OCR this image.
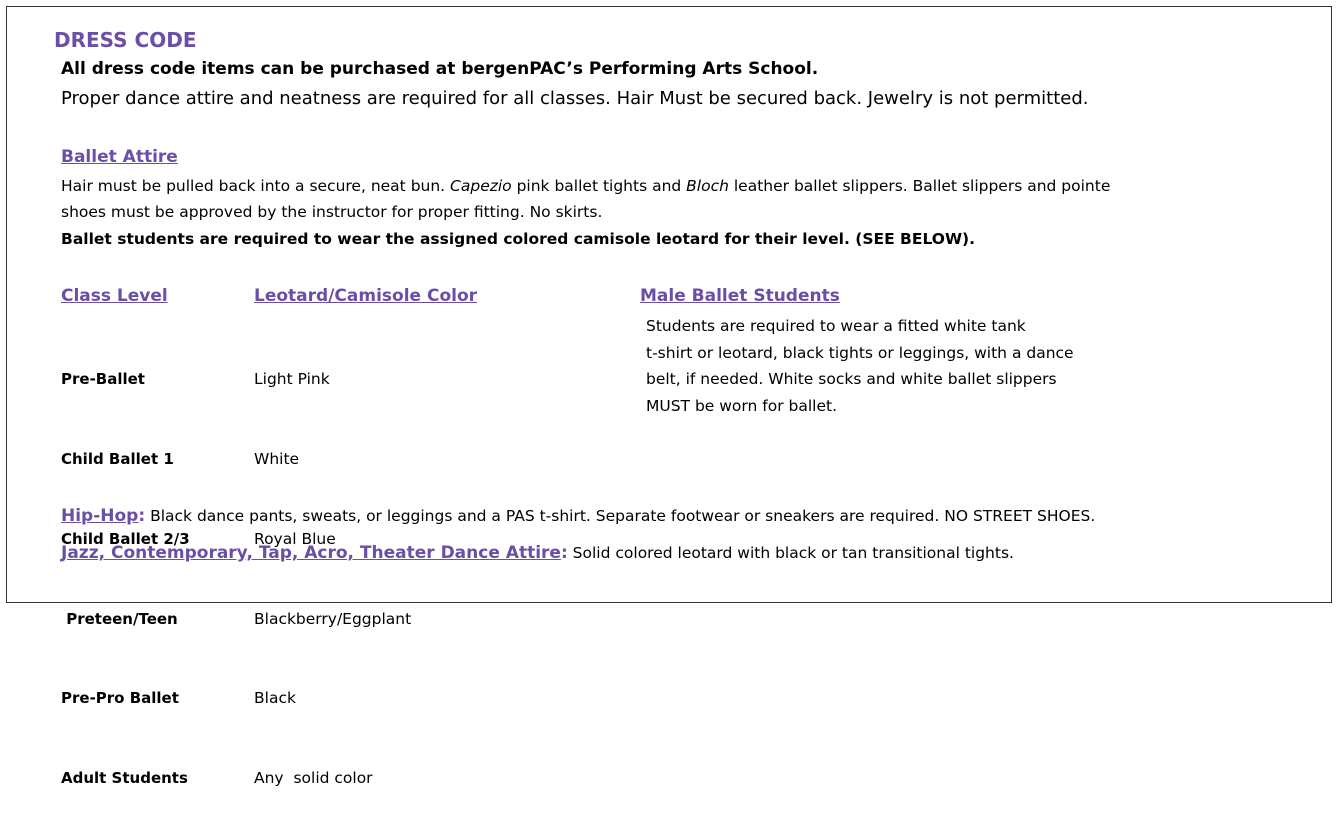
DRESS CODE
All dress code items can be purchased at bergenPAC’s Performing Arts School.
Proper dance attire and neatness are required for all classes. Hair Must be secured back. Jewelry is not permitted.
Ballet Attire
Hair must be pulled back into a secure, neat bun. Capezio pink ballet tights and Bloch leather ballet slippers. Ballet slippers and pointe
shoes must be approved by the instructor for proper fitting. No skirts.
Ballet students are required to wear the assigned colored camisole leotard for their level. (SEE BELOW).
Class Level	Leotard/Camisole Color

Pre-Ballet

Child Ballet 1

Child Ballet 2/3

Preteen/Teen

Pre-Pro Ballet

Adult Students

Light Pink

White

Royal Blue

Blackberry/Eggplant

Black

Any  solid color

Male Ballet Students
Students are required to wear a fitted white tank
t-shirt or leotard, black tights or leggings, with a dance
belt, if needed. White socks and white ballet slippers
MUST be worn for ballet.
Hip-Hop: Black dance pants, sweats, or leggings and a PAS t-shirt. Separate footwear or sneakers are required. NO STREET SHOES.
Jazz, Contemporary, Tap, Acro, Theater Dance Attire: Solid colored leotard with black or tan transitional tights.
